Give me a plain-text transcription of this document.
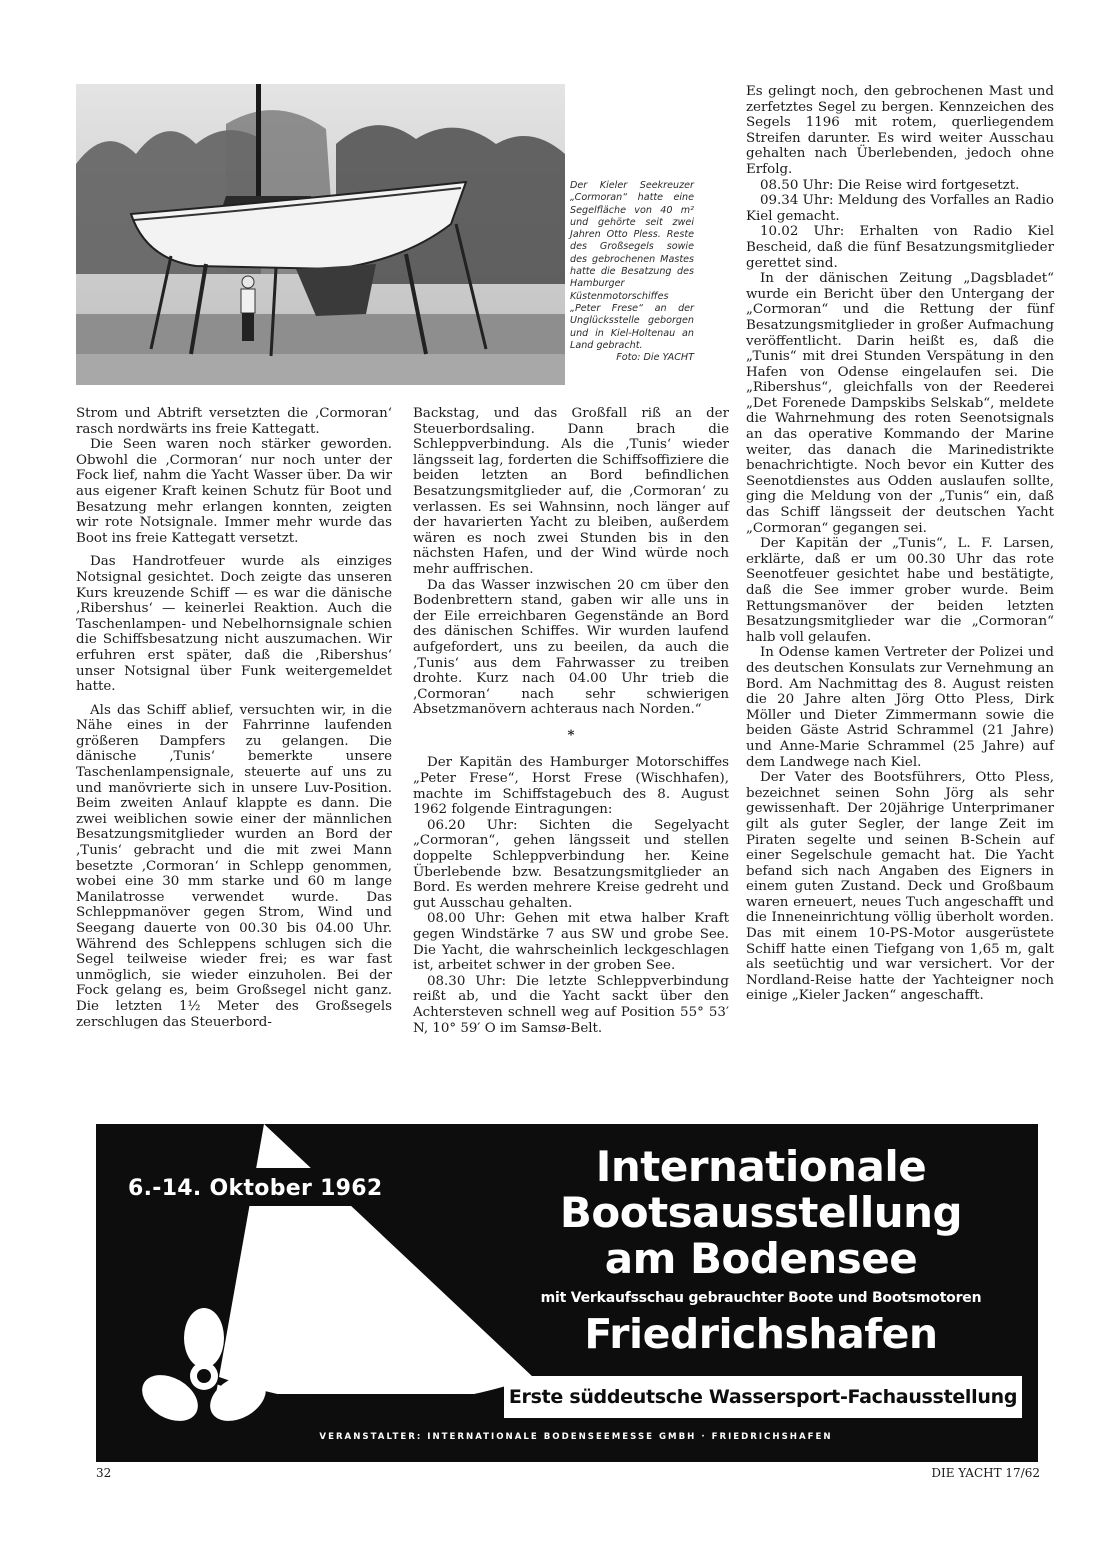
Der Kieler Seekreuzer „Cormoran“ hatte eine Segelfläche von 40 m² und gehörte seit zwei Jahren Otto Pless. Reste des Großsegels sowie des gebrochenen Mastes hatte die Besatzung des Hamburger Küstenmotorschiffes „Peter Frese“ an der Unglücksstelle geborgen und in Kiel-Holtenau an Land gebracht.
Foto: Die YACHT

Strom und Abtrift versetzten die ‚Cormoran‘ rasch nordwärts ins freie Kattegatt.

Die Seen waren noch stärker geworden. Obwohl die ‚Cormoran‘ nur noch unter der Fock lief, nahm die Yacht Wasser über. Da wir aus eigener Kraft keinen Schutz für Boot und Besatzung mehr erlangen konnten, zeigten wir rote Notsignale. Immer mehr wurde das Boot ins freie Kattegatt versetzt.

Das Handrotfeuer wurde als einziges Notsignal gesichtet. Doch zeigte das unseren Kurs kreuzende Schiff — es war die dänische ‚Ribershus‘ — keinerlei Reaktion. Auch die Taschenlampen- und Nebelhornsignale schien die Schiffsbesatzung nicht auszumachen. Wir erfuhren erst später, daß die ‚Ribershus‘ unser Notsignal über Funk weitergemeldet hatte.

Als das Schiff ablief, versuchten wir, in die Nähe eines in der Fahrrinne laufenden größeren Dampfers zu gelangen. Die dänische ‚Tunis‘ bemerkte unsere Taschenlampensignale, steuerte auf uns zu und manövrierte sich in unsere Luv-Position. Beim zweiten Anlauf klappte es dann. Die zwei weiblichen sowie einer der männlichen Besatzungsmitglieder wurden an Bord der ‚Tunis‘ gebracht und die mit zwei Mann besetzte ‚Cormoran‘ in Schlepp genommen, wobei eine 30 mm starke und 60 m lange Manilatrosse verwendet wurde. Das Schleppmanöver gegen Strom, Wind und Seegang dauerte von 00.30 bis 04.00 Uhr. Während des Schleppens schlugen sich die Segel teilweise wieder frei; es war fast unmöglich, sie wieder einzuholen. Bei der Fock gelang es, beim Großsegel nicht ganz. Die letzten 1½ Meter des Großsegels zerschlugen das Steuerbord-

Backstag, und das Großfall riß an der Steuerbordsaling. Dann brach die Schleppverbindung. Als die ‚Tunis‘ wieder längsseit lag, forderten die Schiffsoffiziere die beiden letzten an Bord befindlichen Besatzungsmitglieder auf, die ‚Cormoran‘ zu verlassen. Es sei Wahnsinn, noch länger auf der havarierten Yacht zu bleiben, außerdem wären es noch zwei Stunden bis in den nächsten Hafen, und der Wind würde noch mehr auffrischen.

Da das Wasser inzwischen 20 cm über den Bodenbrettern stand, gaben wir alle uns in der Eile erreichbaren Gegenstände an Bord des dänischen Schiffes. Wir wurden laufend aufgefordert, uns zu beeilen, da auch die ‚Tunis‘ aus dem Fahrwasser zu treiben drohte. Kurz nach 04.00 Uhr trieb die ‚Cormoran‘ nach sehr schwierigen Absetzmanövern achteraus nach Norden.“

*

Der Kapitän des Hamburger Motorschiffes „Peter Frese“, Horst Frese (Wischhafen), machte im Schiffstagebuch des 8. August 1962 folgende Eintragungen:

06.20 Uhr: Sichten die Segelyacht „Cormoran“, gehen längsseit und stellen doppelte Schleppverbindung her. Keine Überlebende bzw. Besatzungsmitglieder an Bord. Es werden mehrere Kreise gedreht und gut Ausschau gehalten.

08.00 Uhr: Gehen mit etwa halber Kraft gegen Windstärke 7 aus SW und grobe See. Die Yacht, die wahrscheinlich leckgeschlagen ist, arbeitet schwer in der groben See.

08.30 Uhr: Die letzte Schleppverbindung reißt ab, und die Yacht sackt über den Achtersteven schnell weg auf Position 55° 53′ N, 10° 59′ O im Samsø-Belt.

Es gelingt noch, den gebrochenen Mast und zerfetztes Segel zu bergen. Kennzeichen des Segels 1196 mit rotem, querliegendem Streifen darunter. Es wird weiter Ausschau gehalten nach Überlebenden, jedoch ohne Erfolg.

08.50 Uhr: Die Reise wird fortgesetzt.

09.34 Uhr: Meldung des Vorfalles an Radio Kiel gemacht.

10.02 Uhr: Erhalten von Radio Kiel Bescheid, daß die fünf Besatzungsmitglieder gerettet sind.

In der dänischen Zeitung „Dagsbladet“ wurde ein Bericht über den Untergang der „Cormoran“ und die Rettung der fünf Besatzungsmitglieder in großer Aufmachung veröffentlicht. Darin heißt es, daß die „Tunis“ mit drei Stunden Verspätung in den Hafen von Odense eingelaufen sei. Die „Ribershus“, gleichfalls von der Reederei „Det Forenede Dampskibs Selskab“, meldete die Wahrnehmung des roten Seenotsignals an das operative Kommando der Marine weiter, das danach die Marinedistrikte benachrichtigte. Noch bevor ein Kutter des Seenotdienstes aus Odden auslaufen sollte, ging die Meldung von der „Tunis“ ein, daß das Schiff längsseit der deutschen Yacht „Cormoran“ gegangen sei.

Der Kapitän der „Tunis“, L. F. Larsen, erklärte, daß er um 00.30 Uhr das rote Seenotfeuer gesichtet habe und bestätigte, daß die See immer grober wurde. Beim Rettungsmanöver der beiden letzten Besatzungsmitglieder war die „Cormoran“ halb voll gelaufen.

In Odense kamen Vertreter der Polizei und des deutschen Konsulats zur Vernehmung an Bord. Am Nachmittag des 8. August reisten die 20 Jahre alten Jörg Otto Pless, Dirk Möller und Dieter Zimmermann sowie die beiden Gäste Astrid Schrammel (21 Jahre) und Anne-Marie Schrammel (25 Jahre) auf dem Landwege nach Kiel.

Der Vater des Bootsführers, Otto Pless, bezeichnet seinen Sohn Jörg als sehr gewissenhaft. Der 20jährige Unterprimaner gilt als guter Segler, der lange Zeit im Piraten segelte und seinen B-Schein auf einer Segelschule gemacht hat. Die Yacht befand sich nach Angaben des Eigners in einem guten Zustand. Deck und Großbaum waren erneuert, neues Tuch angeschafft und die Inneneinrichtung völlig überholt worden. Das mit einem 10-PS-Motor ausgerüstete Schiff hatte einen Tiefgang von 1,65 m, galt als seetüchtig und war versichert. Vor der Nordland-Reise hatte der Yachteigner noch einige „Kieler Jacken“ angeschafft.

6.-14. Oktober 1962	Internationale
Bootsausstellung
am Bodensee
mit Verkaufsschau gebrauchter Boote und Bootsmotoren
Friedrichshafen
Erste süddeutsche Wassersport-Fachausstellung
VERANSTALTER: INTERNATIONALE BODENSEEMESSE GMBH · FRIEDRICHSHAFEN
32	DIE YACHT 17/62
